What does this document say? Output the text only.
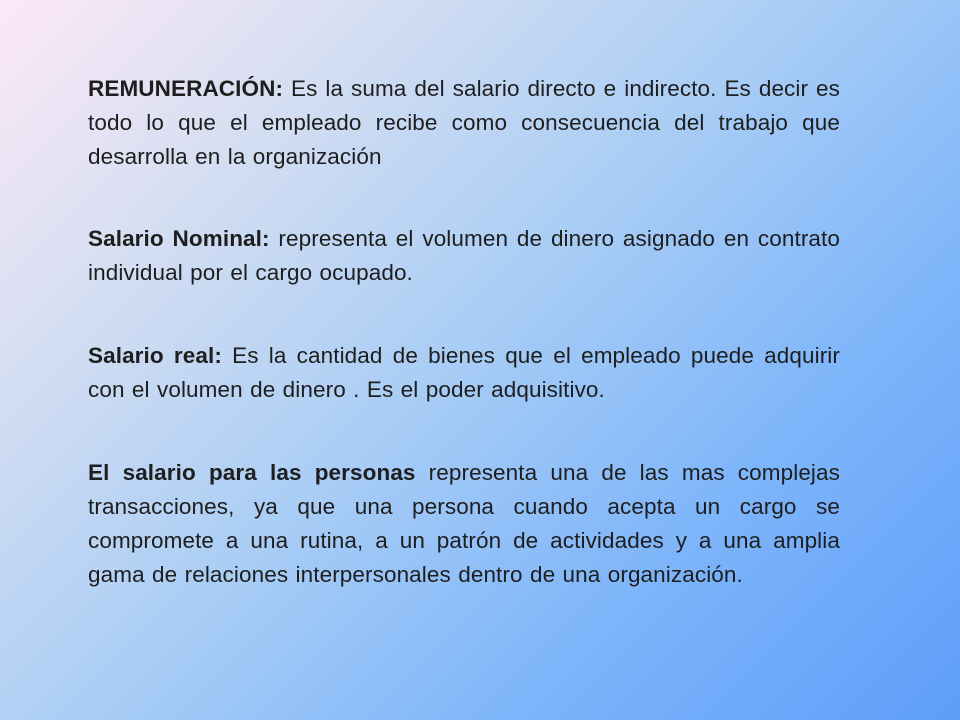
REMUNERACIÓN: Es la suma del salario directo e indirecto. Es decir es todo lo que el empleado recibe como consecuencia del trabajo que desarrolla en la organización

Salario Nominal: representa el volumen de dinero asignado en contrato individual por el cargo ocupado.

Salario real: Es la cantidad de bienes que el empleado puede adquirir con el volumen de dinero . Es el poder adquisitivo.

El salario para las personas representa una de las mas complejas transacciones, ya que una persona cuando acepta un cargo se compromete a una rutina, a un patrón de actividades y a una amplia gama de relaciones interpersonales dentro de una organización.
